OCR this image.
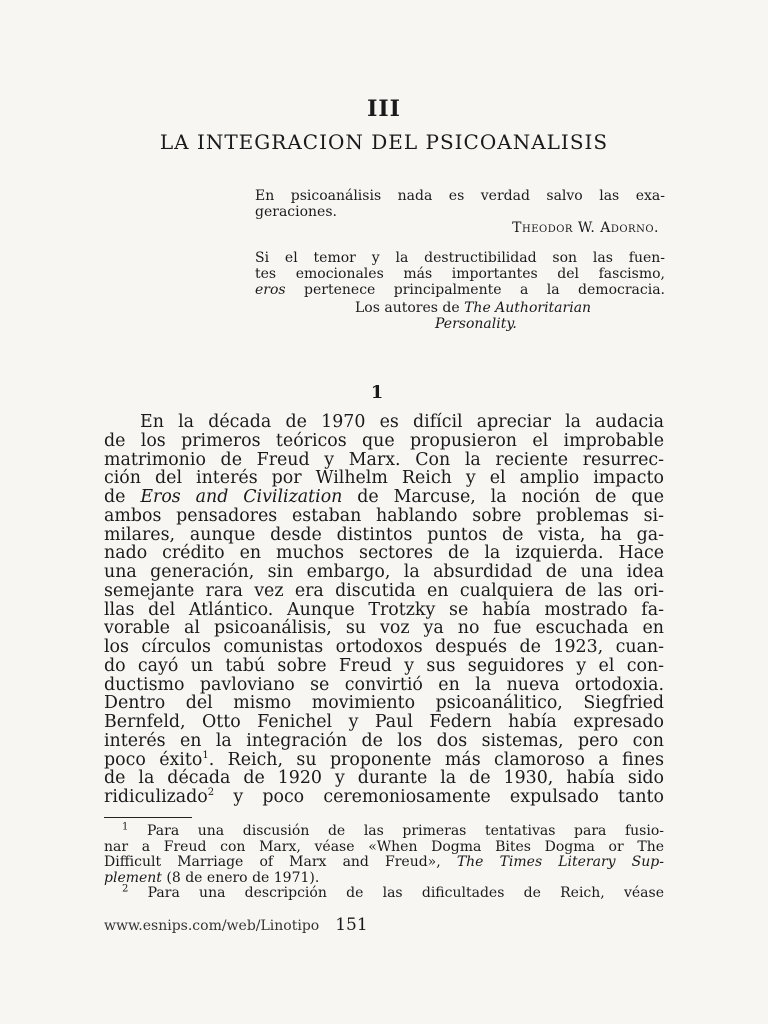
III
LA INTEGRACION DEL PSICOANALISIS
En psicoanálisis nada es verdad salvo las exa-
geraciones.
Theodor W. Adorno.
Si el temor y la destructibilidad son las fuen-
tes emocionales más importantes del fascismo,
eros pertenece principalmente a la democracia.
Los autores de The Authoritarian
Personality.
1
En la década de 1970 es difícil apreciar la audacia
de los primeros teóricos que propusieron el improbable
matrimonio de Freud y Marx. Con la reciente resurrec-
ción del interés por Wilhelm Reich y el amplio impacto
de Eros and Civilization de Marcuse, la noción de que
ambos pensadores estaban hablando sobre problemas si-
milares, aunque desde distintos puntos de vista, ha ga-
nado crédito en muchos sectores de la izquierda. Hace
una generación, sin embargo, la absurdidad de una idea
semejante rara vez era discutida en cualquiera de las ori-
llas del Atlántico. Aunque Trotzky se había mostrado fa-
vorable al psicoanálisis, su voz ya no fue escuchada en
los círculos comunistas ortodoxos después de 1923, cuan-
do cayó un tabú sobre Freud y sus seguidores y el con-
ductismo pavloviano se convirtió en la nueva ortodoxia.
Dentro del mismo movimiento psicoanálitico, Siegfried
Bernfeld, Otto Fenichel y Paul Federn había expresado
interés en la integración de los dos sistemas, pero con
poco éxito$^1$. Reich, su proponente más clamoroso a fines
de la década de 1920 y durante la de 1930, había sido
ridiculizado$^2$ y poco ceremoniosamente expulsado tanto
$^1$ Para una discusión de las primeras tentativas para fusio-
nar a Freud con Marx, véase «When Dogma Bites Dogma or The
Difficult Marriage of Marx and Freud», The Times Literary Sup-
plement (8 de enero de 1971).
$^2$ Para una descripción de las dificultades de Reich, véase
www.esnips.com/web/Linotipo 151
